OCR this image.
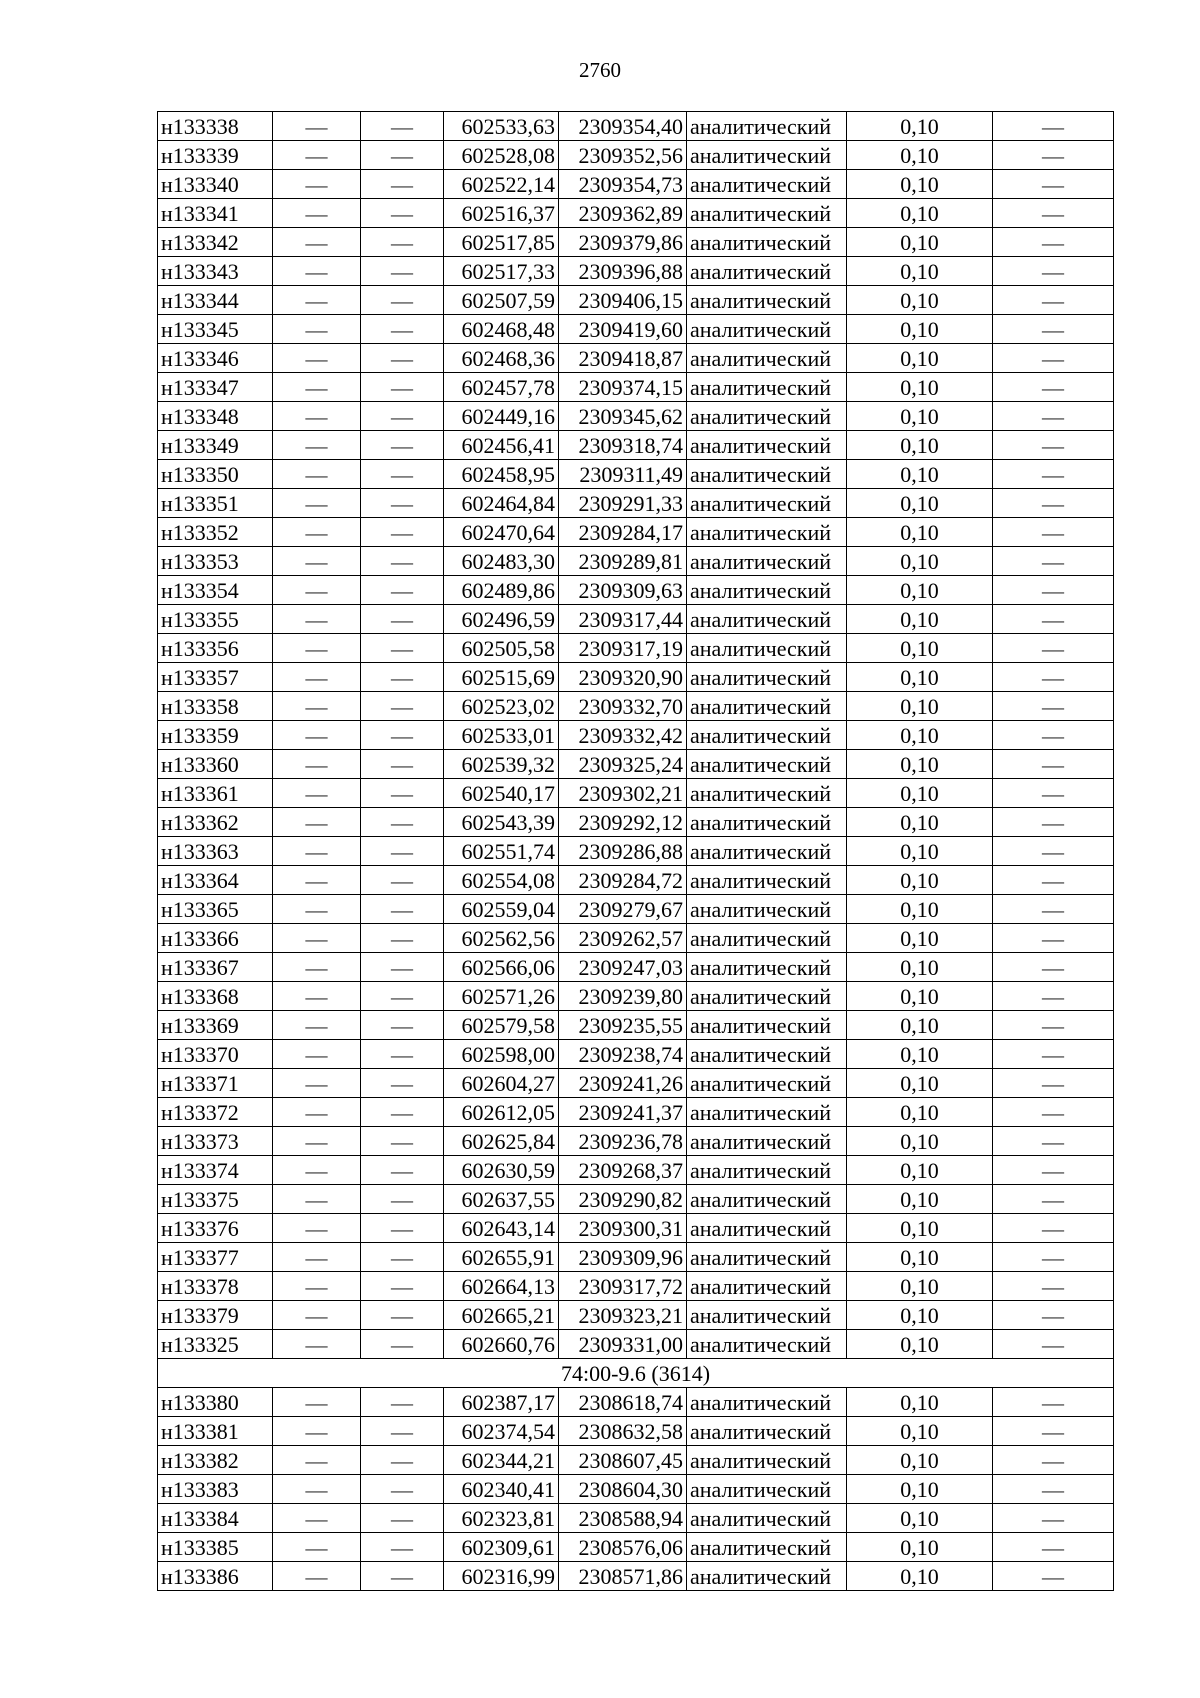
2760
н133338	—	—	602533,63	2309354,40	аналитический	0,10	—
н133339	—	—	602528,08	2309352,56	аналитический	0,10	—
н133340	—	—	602522,14	2309354,73	аналитический	0,10	—
н133341	—	—	602516,37	2309362,89	аналитический	0,10	—
н133342	—	—	602517,85	2309379,86	аналитический	0,10	—
н133343	—	—	602517,33	2309396,88	аналитический	0,10	—
н133344	—	—	602507,59	2309406,15	аналитический	0,10	—
н133345	—	—	602468,48	2309419,60	аналитический	0,10	—
н133346	—	—	602468,36	2309418,87	аналитический	0,10	—
н133347	—	—	602457,78	2309374,15	аналитический	0,10	—
н133348	—	—	602449,16	2309345,62	аналитический	0,10	—
н133349	—	—	602456,41	2309318,74	аналитический	0,10	—
н133350	—	—	602458,95	2309311,49	аналитический	0,10	—
н133351	—	—	602464,84	2309291,33	аналитический	0,10	—
н133352	—	—	602470,64	2309284,17	аналитический	0,10	—
н133353	—	—	602483,30	2309289,81	аналитический	0,10	—
н133354	—	—	602489,86	2309309,63	аналитический	0,10	—
н133355	—	—	602496,59	2309317,44	аналитический	0,10	—
н133356	—	—	602505,58	2309317,19	аналитический	0,10	—
н133357	—	—	602515,69	2309320,90	аналитический	0,10	—
н133358	—	—	602523,02	2309332,70	аналитический	0,10	—
н133359	—	—	602533,01	2309332,42	аналитический	0,10	—
н133360	—	—	602539,32	2309325,24	аналитический	0,10	—
н133361	—	—	602540,17	2309302,21	аналитический	0,10	—
н133362	—	—	602543,39	2309292,12	аналитический	0,10	—
н133363	—	—	602551,74	2309286,88	аналитический	0,10	—
н133364	—	—	602554,08	2309284,72	аналитический	0,10	—
н133365	—	—	602559,04	2309279,67	аналитический	0,10	—
н133366	—	—	602562,56	2309262,57	аналитический	0,10	—
н133367	—	—	602566,06	2309247,03	аналитический	0,10	—
н133368	—	—	602571,26	2309239,80	аналитический	0,10	—
н133369	—	—	602579,58	2309235,55	аналитический	0,10	—
н133370	—	—	602598,00	2309238,74	аналитический	0,10	—
н133371	—	—	602604,27	2309241,26	аналитический	0,10	—
н133372	—	—	602612,05	2309241,37	аналитический	0,10	—
н133373	—	—	602625,84	2309236,78	аналитический	0,10	—
н133374	—	—	602630,59	2309268,37	аналитический	0,10	—
н133375	—	—	602637,55	2309290,82	аналитический	0,10	—
н133376	—	—	602643,14	2309300,31	аналитический	0,10	—
н133377	—	—	602655,91	2309309,96	аналитический	0,10	—
н133378	—	—	602664,13	2309317,72	аналитический	0,10	—
н133379	—	—	602665,21	2309323,21	аналитический	0,10	—
н133325	—	—	602660,76	2309331,00	аналитический	0,10	—
74:00-9.6 (3614)							
н133380	—	—	602387,17	2308618,74	аналитический	0,10	—
н133381	—	—	602374,54	2308632,58	аналитический	0,10	—
н133382	—	—	602344,21	2308607,45	аналитический	0,10	—
н133383	—	—	602340,41	2308604,30	аналитический	0,10	—
н133384	—	—	602323,81	2308588,94	аналитический	0,10	—
н133385	—	—	602309,61	2308576,06	аналитический	0,10	—
н133386	—	—	602316,99	2308571,86	аналитический	0,10	—
